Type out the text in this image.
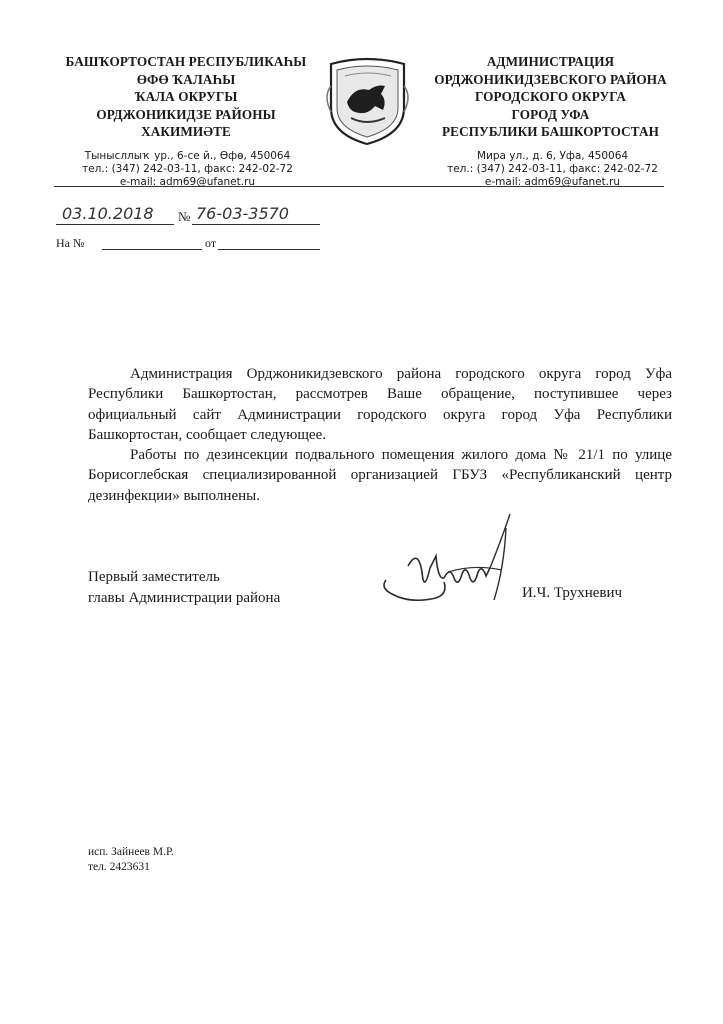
БАШҠОРТОСТАН РЕСПУБЛИКАҺЫ
ӨФӨ ҠАЛАҺЫ
ҠАЛА ОКРУГЫ
ОРДЖОНИКИДЗЕ РАЙОНЫ
ХАКИМИӘТЕ
АДМИНИСТРАЦИЯ
ОРДЖОНИКИДЗЕВСКОГО РАЙОНА
ГОРОДСКОГО ОКРУГА
ГОРОД УФА
РЕСПУБЛИКИ БАШКОРТОСТАН
Тынысллыҡ ур., 6-се й., Өфө, 450064
тел.: (347) 242-03-11, факс: 242-02-72
e-mail: adm69@ufanet.ru
Мира ул., д. 6, Уфа, 450064
тел.: (347) 242-03-11, факс: 242-02-72
e-mail: adm69@ufanet.ru
03.10.2018 № 76-03-3570
На №	от

Администрация Орджоникидзевского района городского округа город Уфа Республики Башкортостан, рассмотрев Ваше обращение, поступившее через официальный сайт Администрации городского округа город Уфа Республики Башкортостан, сообщает следующее.

Работы по дезинсекции подвального помещения жилого дома № 21/1 по улице Борисоглебская специализированной организацией ГБУЗ «Республиканский центр дезинфекции» выполнены.

Первый заместитель
главы Администрации района	И.Ч. Трухневич
исп. Зайнеев М.Р.
тел. 2423631
